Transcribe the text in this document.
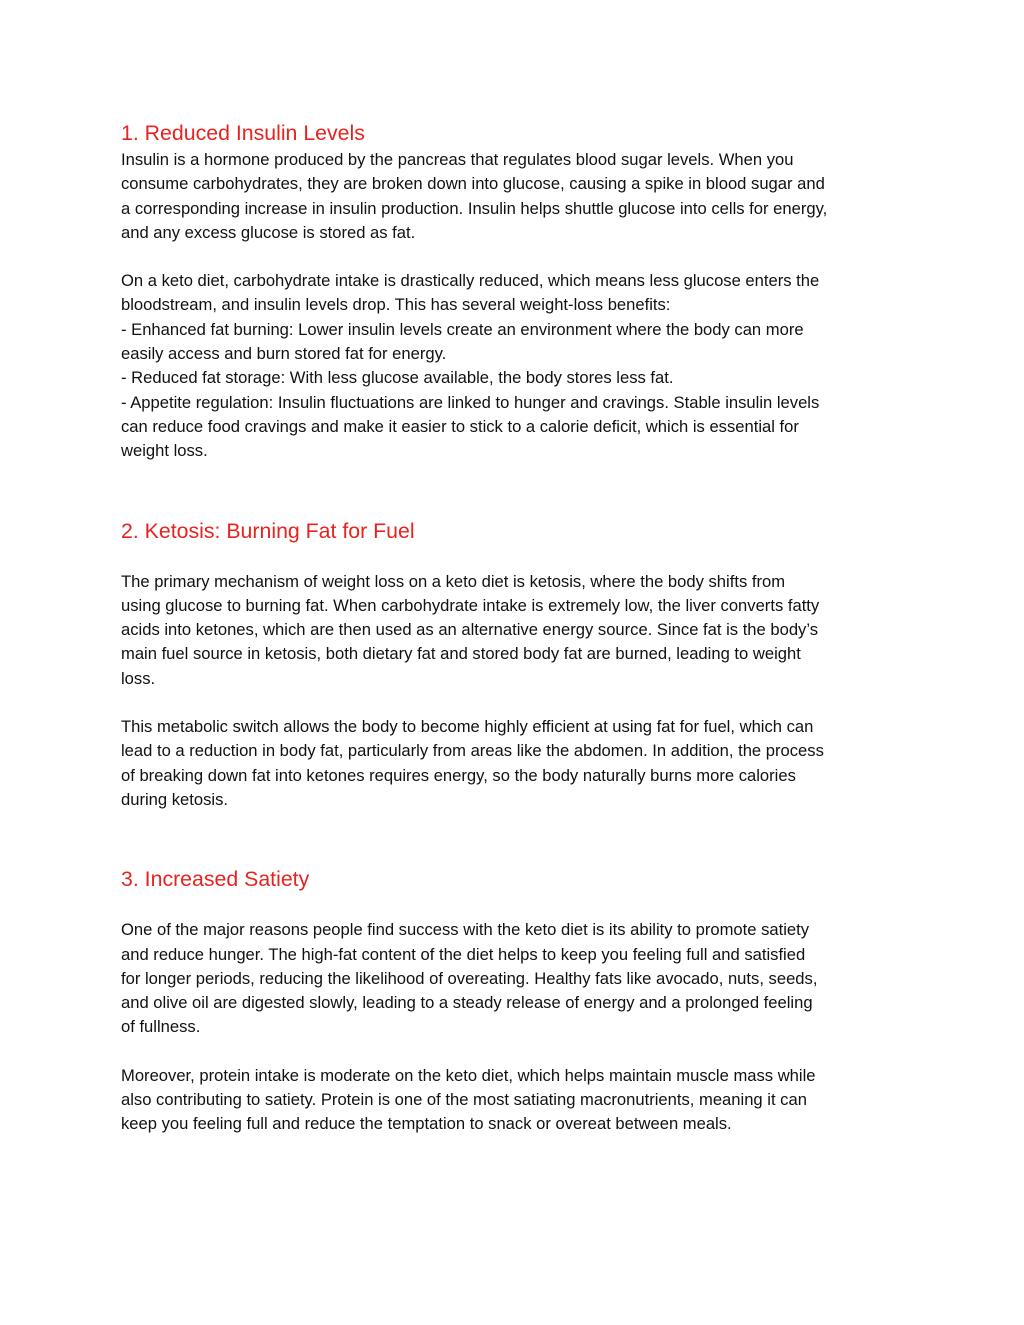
1. Reduced Insulin Levels

Insulin is a hormone produced by the pancreas that regulates blood sugar levels. When you
consume carbohydrates, they are broken down into glucose, causing a spike in blood sugar and
a corresponding increase in insulin production. Insulin helps shuttle glucose into cells for energy,
and any excess glucose is stored as fat.

On a keto diet, carbohydrate intake is drastically reduced, which means less glucose enters the
bloodstream, and insulin levels drop. This has several weight-loss benefits:
- Enhanced fat burning: Lower insulin levels create an environment where the body can more
easily access and burn stored fat for energy.
- Reduced fat storage: With less glucose available, the body stores less fat.
- Appetite regulation: Insulin fluctuations are linked to hunger and cravings. Stable insulin levels
can reduce food cravings and make it easier to stick to a calorie deficit, which is essential for
weight loss.

2. Ketosis: Burning Fat for Fuel

The primary mechanism of weight loss on a keto diet is ketosis, where the body shifts from
using glucose to burning fat. When carbohydrate intake is extremely low, the liver converts fatty
acids into ketones, which are then used as an alternative energy source. Since fat is the body’s
main fuel source in ketosis, both dietary fat and stored body fat are burned, leading to weight
loss.

This metabolic switch allows the body to become highly efficient at using fat for fuel, which can
lead to a reduction in body fat, particularly from areas like the abdomen. In addition, the process
of breaking down fat into ketones requires energy, so the body naturally burns more calories
during ketosis.

3. Increased Satiety

One of the major reasons people find success with the keto diet is its ability to promote satiety
and reduce hunger. The high-fat content of the diet helps to keep you feeling full and satisfied
for longer periods, reducing the likelihood of overeating. Healthy fats like avocado, nuts, seeds,
and olive oil are digested slowly, leading to a steady release of energy and a prolonged feeling
of fullness.

Moreover, protein intake is moderate on the keto diet, which helps maintain muscle mass while
also contributing to satiety. Protein is one of the most satiating macronutrients, meaning it can
keep you feeling full and reduce the temptation to snack or overeat between meals.
